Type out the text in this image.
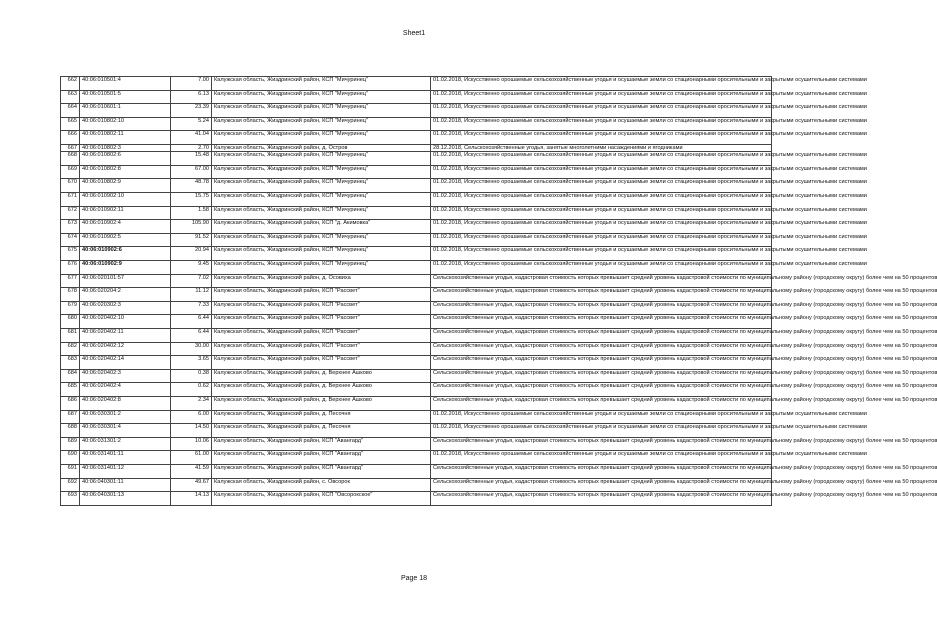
Sheet1
662	40:06:010501:4	7.00	Калужская область, Жиздринский район, КСП "Мичуринец"	01.02.2018, Искусственно орошаемые сельскохозяйственные угодья и осушаемые земли со стационарными оросительными и закрытыми осушительными системами
663	40:06:010501:5	6.13	Калужская область, Жиздринский район, КСП "Мичуринец"	01.02.2018, Искусственно орошаемые сельскохозяйственные угодья и осушаемые земли со стационарными оросительными и закрытыми осушительными системами
664	40:06:010601:1	23.39	Калужская область, Жиздринский район, КСП "Мичуринец"	01.02.2018, Искусственно орошаемые сельскохозяйственные угодья и осушаемые земли со стационарными оросительными и закрытыми осушительными системами
665	40:06:010802:10	5.24	Калужская область, Жиздринский район, КСП "Мичуринец"	01.02.2018, Искусственно орошаемые сельскохозяйственные угодья и осушаемые земли со стационарными оросительными и закрытыми осушительными системами
666	40:06:010802:11	41.04	Калужская область, Жиздринский район, КСП "Мичуринец"	01.02.2018, Искусственно орошаемые сельскохозяйственные угодья и осушаемые земли со стационарными оросительными и закрытыми осушительными системами
667	40:06:010802:3	2.70	Калужская область, Жиздринский район, д. Остров	28.12.2018, Сельскохозяйственные угодья, занятые многолетними насаждениями и ягодниками
668	40:06:010802:6	15.48	Калужская область, Жиздринский район, КСП "Мичуринец"	01.02.2018, Искусственно орошаемые сельскохозяйственные угодья и осушаемые земли со стационарными оросительными и закрытыми осушительными системами
669	40:06:010802:8	67.00	Калужская область, Жиздринский район, КСП "Мичуринец"	01.02.2018, Искусственно орошаемые сельскохозяйственные угодья и осушаемые земли со стационарными оросительными и закрытыми осушительными системами
670	40:06:010802:9	48.78	Калужская область, Жиздринский район, КСП "Мичуринец"	01.02.2018, Искусственно орошаемые сельскохозяйственные угодья и осушаемые земли со стационарными оросительными и закрытыми осушительными системами
671	40:06:010902:10	15.75	Калужская область, Жиздринский район, КСП "Мичуринец"	01.02.2018, Искусственно орошаемые сельскохозяйственные угодья и осушаемые земли со стационарными оросительными и закрытыми осушительными системами
672	40:06:010902:11	1.58	Калужская область, Жиздринский район, КСП "Мичуринец"	01.02.2018, Искусственно орошаемые сельскохозяйственные угодья и осушаемые земли со стационарными оросительными и закрытыми осушительными системами
673	40:06:010902:4	105.90	Калужская область, Жиздринский район, КСП "д. Акимовка"	01.02.2018, Искусственно орошаемые сельскохозяйственные угодья и осушаемые земли со стационарными оросительными и закрытыми осушительными системами
674	40:06:010902:5	91.52	Калужская область, Жиздринский район, КСП "Мичуринец"	01.02.2018, Искусственно орошаемые сельскохозяйственные угодья и осушаемые земли со стационарными оросительными и закрытыми осушительными системами
675	40:06:010902:6	20.94	Калужская область, Жиздринский район, КСП "Мичуринец"	01.02.2018, Искусственно орошаемые сельскохозяйственные угодья и осушаемые земли со стационарными оросительными и закрытыми осушительными системами
676	40:06:010902:9	9.45	Калужская область, Жиздринский район, КСП "Мичуринец"	01.02.2018, Искусственно орошаемые сельскохозяйственные угодья и осушаемые земли со стационарными оросительными и закрытыми осушительными системами
677	40:06:020101:57	7.02	Калужская область, Жиздринский район, д. Осовиха	Сельскохозяйственные угодья, кадастровая стоимость которых превышает средний уровень кадастровой стоимости по муниципальному району (городскому округу) более чем на 50 процентов
678	40:06:020204:2	11.12	Калужская область, Жиздринский район, КСП "Рассвет"	Сельскохозяйственные угодья, кадастровая стоимость которых превышает средний уровень кадастровой стоимости по муниципальному району (городскому округу) более чем на 50 процентов
679	40:06:020302:3	7.33	Калужская область, Жиздринский район, КСП "Рассвет"	Сельскохозяйственные угодья, кадастровая стоимость которых превышает средний уровень кадастровой стоимости по муниципальному району (городскому округу) более чем на 50 процентов
680	40:06:020402:10	6.44	Калужская область, Жиздринский район, КСП "Рассвет"	Сельскохозяйственные угодья, кадастровая стоимость которых превышает средний уровень кадастровой стоимости по муниципальному району (городскому округу) более чем на 50 процентов
681	40:06:020402:11	6.44	Калужская область, Жиздринский район, КСП "Рассвет"	Сельскохозяйственные угодья, кадастровая стоимость которых превышает средний уровень кадастровой стоимости по муниципальному району (городскому округу) более чем на 50 процентов
682	40:06:020402:12	30.00	Калужская область, Жиздринский район, КСП "Рассвет"	Сельскохозяйственные угодья, кадастровая стоимость которых превышает средний уровень кадастровой стоимости по муниципальному району (городскому округу) более чем на 50 процентов
683	40:06:020402:14	3.65	Калужская область, Жиздринский район, КСП "Рассвет"	Сельскохозяйственные угодья, кадастровая стоимость которых превышает средний уровень кадастровой стоимости по муниципальному району (городскому округу) более чем на 50 процентов
684	40:06:020402:3	0.38	Калужская область, Жиздринский район, д. Верхнее Ашково	Сельскохозяйственные угодья, кадастровая стоимость которых превышает средний уровень кадастровой стоимости по муниципальному району (городскому округу) более чем на 50 процентов
685	40:06:020402:4	0.62	Калужская область, Жиздринский район, д. Верхнее Ашково	Сельскохозяйственные угодья, кадастровая стоимость которых превышает средний уровень кадастровой стоимости по муниципальному району (городскому округу) более чем на 50 процентов
686	40:06:020402:8	2.34	Калужская область, Жиздринский район, д. Верхнее Ашково	Сельскохозяйственные угодья, кадастровая стоимость которых превышает средний уровень кадастровой стоимости по муниципальному району (городскому округу) более чем на 50 процентов
687	40:06:030301:2	6.00	Калужская область, Жиздринский район, д. Песочня	01.02.2018, Искусственно орошаемые сельскохозяйственные угодья и осушаемые земли со стационарными оросительными и закрытыми осушительными системами
688	40:06:030301:4	14.50	Калужская область, Жиздринский район, д. Песочня	01.02.2018, Искусственно орошаемые сельскохозяйственные угодья и осушаемые земли со стационарными оросительными и закрытыми осушительными системами
689	40:06:031301:2	10.06	Калужская область, Жиздринский район, КСП "Авангард"	Сельскохозяйственные угодья, кадастровая стоимость которых превышает средний уровень кадастровой стоимости по муниципальному району (городскому округу) более чем на 50 процентов
690	40:06:031401:11	61.00	Калужская область, Жиздринский район, КСП "Авангард"	01.02.2018, Искусственно орошаемые сельскохозяйственные угодья и осушаемые земли со стационарными оросительными и закрытыми осушительными системами
691	40:06:031401:12	41.59	Калужская область, Жиздринский район, КСП "Авангард"	Сельскохозяйственные угодья, кадастровая стоимость которых превышает средний уровень кадастровой стоимости по муниципальному району (городскому округу) более чем на 50 процентов
692	40:06:040301:11	49.67	Калужская область, Жиздринский район, с. Овсорок	Сельскохозяйственные угодья, кадастровая стоимость которых превышает средний уровень кадастровой стоимости по муниципальному району (городскому округу) более чем на 50 процентов
693	40:06:040301:13	14.13	Калужская область, Жиздринский район, КСП "Овсорокское"	Сельскохозяйственные угодья, кадастровая стоимость которых превышает средний уровень кадастровой стоимости по муниципальному району (городскому округу) более чем на 50 процентов
Page 18
